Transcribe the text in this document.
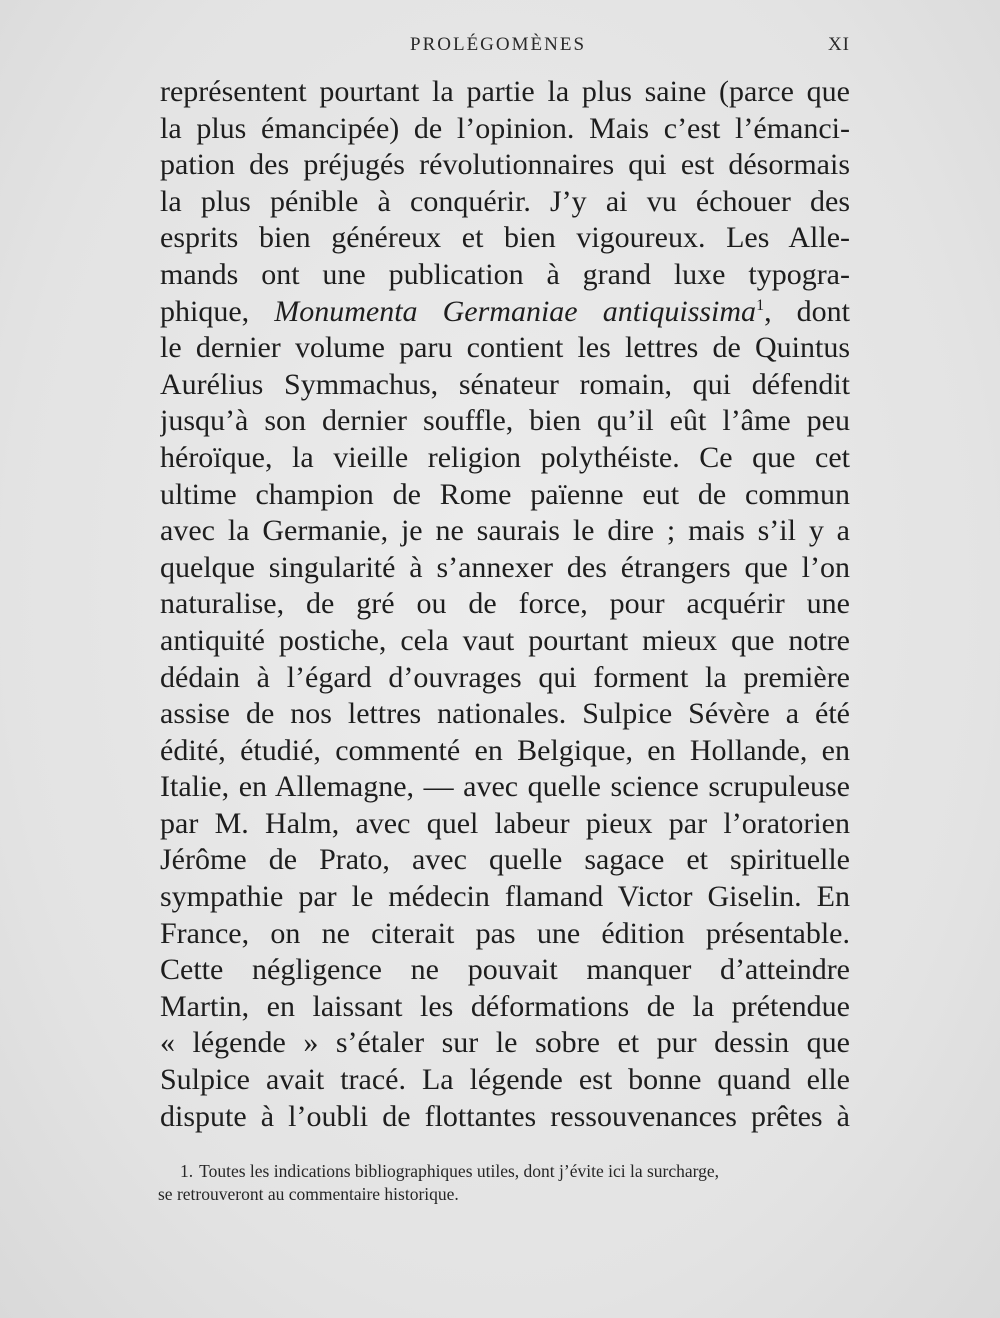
PROLÉGOMÈNES	XI
représentent pourtant la partie la plus saine (parce que
la plus émancipée) de l’opinion. Mais c’est l’émanci-
pation des préjugés révolutionnaires qui est désormais
la plus pénible à conquérir. J’y ai vu échouer des
esprits bien généreux et bien vigoureux. Les Alle-
mands ont une publication à grand luxe typogra-
phique, Monumenta Germaniae antiquissima$^1$, dont
le dernier volume paru contient les lettres de Quintus
Aurélius Symmachus, sénateur romain, qui défendit
jusqu’à son dernier souffle, bien qu’il eût l’âme peu
héroïque, la vieille religion polythéiste. Ce que cet
ultime champion de Rome païenne eut de commun
avec la Germanie, je ne saurais le dire ; mais s’il y a
quelque singularité à s’annexer des étrangers que l’on
naturalise, de gré ou de force, pour acquérir une
antiquité postiche, cela vaut pourtant mieux que notre
dédain à l’égard d’ouvrages qui forment la première
assise de nos lettres nationales. Sulpice Sévère a été
édité, étudié, commenté en Belgique, en Hollande, en
Italie, en Allemagne, — avec quelle science scrupuleuse
par M. Halm, avec quel labeur pieux par l’oratorien
Jérôme de Prato, avec quelle sagace et spirituelle
sympathie par le médecin flamand Victor Giselin. En
France, on ne citerait pas une édition présentable.
Cette négligence ne pouvait manquer d’atteindre
Martin, en laissant les déformations de la prétendue
« légende » s’étaler sur le sobre et pur dessin que
Sulpice avait tracé. La légende est bonne quand elle
dispute à l’oubli de flottantes ressouvenances prêtes à
1. Toutes les indications bibliographiques utiles, dont j’évite ici la surcharge,
se retrouveront au commentaire historique.
